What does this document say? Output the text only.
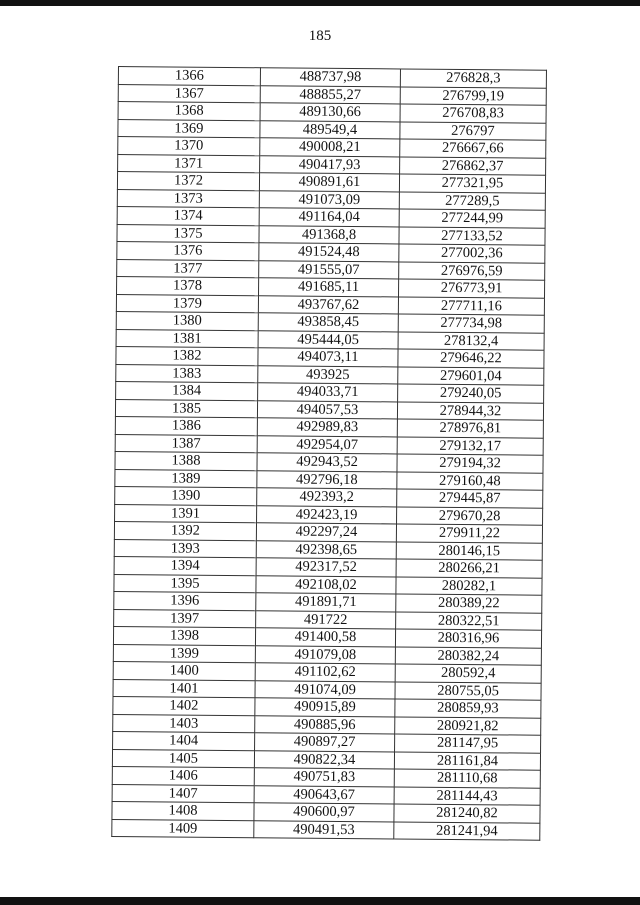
185
1366	488737,98	276828,3
1367	488855,27	276799,19
1368	489130,66	276708,83
1369	489549,4	276797
1370	490008,21	276667,66
1371	490417,93	276862,37
1372	490891,61	277321,95
1373	491073,09	277289,5
1374	491164,04	277244,99
1375	491368,8	277133,52
1376	491524,48	277002,36
1377	491555,07	276976,59
1378	491685,11	276773,91
1379	493767,62	277711,16
1380	493858,45	277734,98
1381	495444,05	278132,4
1382	494073,11	279646,22
1383	493925	279601,04
1384	494033,71	279240,05
1385	494057,53	278944,32
1386	492989,83	278976,81
1387	492954,07	279132,17
1388	492943,52	279194,32
1389	492796,18	279160,48
1390	492393,2	279445,87
1391	492423,19	279670,28
1392	492297,24	279911,22
1393	492398,65	280146,15
1394	492317,52	280266,21
1395	492108,02	280282,1
1396	491891,71	280389,22
1397	491722	280322,51
1398	491400,58	280316,96
1399	491079,08	280382,24
1400	491102,62	280592,4
1401	491074,09	280755,05
1402	490915,89	280859,93
1403	490885,96	280921,82
1404	490897,27	281147,95
1405	490822,34	281161,84
1406	490751,83	281110,68
1407	490643,67	281144,43
1408	490600,97	281240,82
1409	490491,53	281241,94
